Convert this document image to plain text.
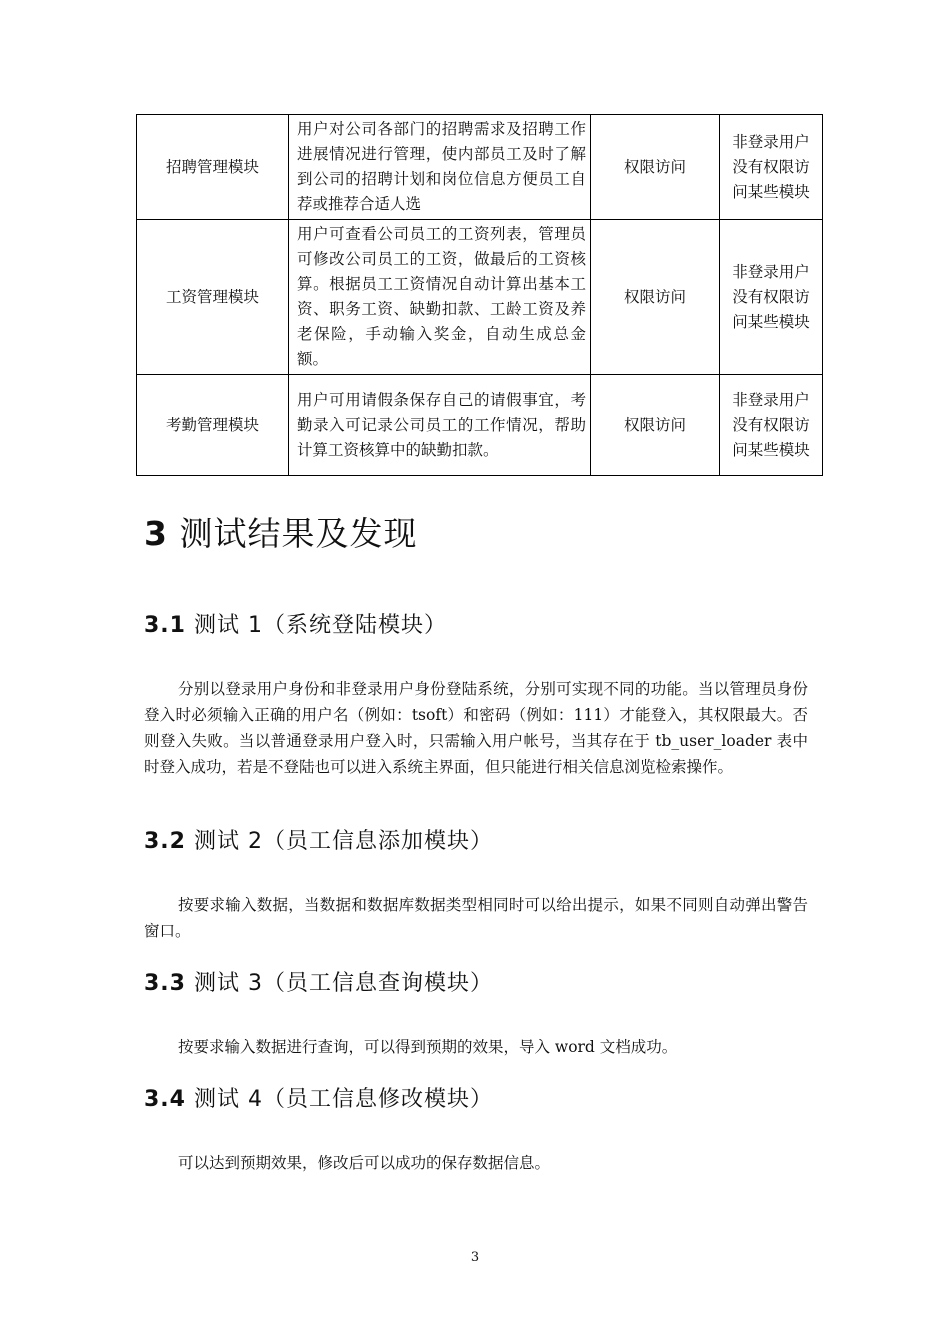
招聘管理模块	用户对公司各部门的招聘需求及招聘工作进展情况进行管理，使内部员工及时了解到公司的招聘计划和岗位信息方便员工自荐或推荐合适人选	权限访问	非登录用户没有权限访问某些模块
工资管理模块	用户可查看公司员工的工资列表，管理员可修改公司员工的工资，做最后的工资核算。根据员工工资情况自动计算出基本工资、职务工资、缺勤扣款、工龄工资及养老保险，手动输入奖金，自动生成总金额。	权限访问	非登录用户没有权限访问某些模块
考勤管理模块	用户可用请假条保存自己的请假事宜，考勤录入可记录公司员工的工作情况，帮助计算工资核算中的缺勤扣款。	权限访问	非登录用户没有权限访问某些模块
3 测试结果及发现
3.1 测试 1（系统登陆模块）

分别以登录用户身份和非登录用户身份登陆系统，分别可实现不同的功能。当以管理员身份登入时必须输入正确的用户名（例如：tsoft）和密码（例如：111）才能登入，其权限最大。否则登入失败。当以普通登录用户登入时，只需输入用户帐号，当其存在于 tb_user_loader 表中时登入成功，若是不登陆也可以进入系统主界面，但只能进行相关信息浏览检索操作。

3.2 测试 2（员工信息添加模块）

按要求输入数据，当数据和数据库数据类型相同时可以给出提示，如果不同则自动弹出警告窗口。

3.3 测试 3（员工信息查询模块）

按要求输入数据进行查询，可以得到预期的效果，导入 word 文档成功。

3.4 测试 4（员工信息修改模块）

可以达到预期效果，修改后可以成功的保存数据信息。

3
